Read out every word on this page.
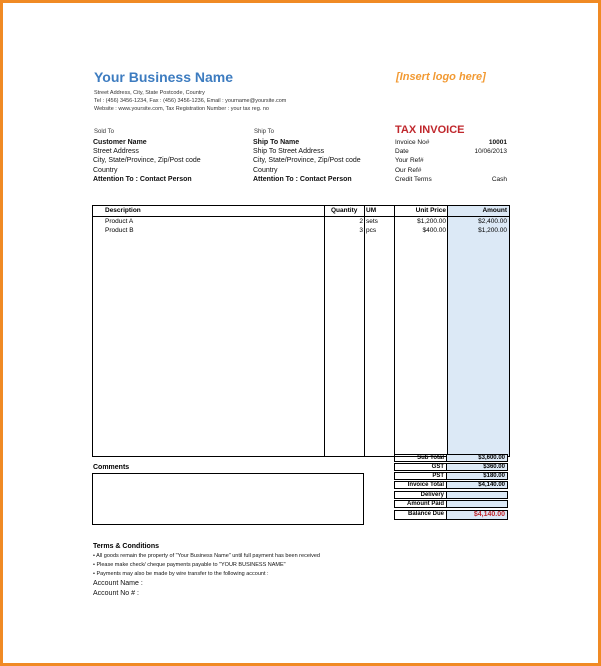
Your Business Name
Street Address, City, State Postcode, Country
Tel : (456) 3456-1234, Fax : (456) 3456-1236, Email : yourname@yoursite.com
Website : www.yoursite.com, Tax Registration Number : your tax reg. no
[Insert logo here]
Sold To
Customer Name
Street Address
City, State/Province, Zip/Post code
Country
Attention To : Contact Person
Ship To
Ship To Name
Ship To Street Address
City, State/Province, Zip/Post code
Country
Attention To : Contact Person
TAX INVOICE
Invoice No#	10001
Date	10/06/2013
Your Ref#
Our Ref#
Credit Terms	Cash
Description	Quantity UM	Unit Price	Amount
Product A	2 sets	$1,200.00	$2,400.00
Product B	3 pcs	$400.00	$1,200.00
Sub Total	$3,600.00
GST	$360.00
PST	$180.00
Invoice Total	$4,140.00
Delivery
Amount Paid
Balance Due	$4,140.00
Comments
Terms & Conditions
• All goods remain the property of "Your Business Name" until full payment has been received
• Please make check/ cheque payments payable to "YOUR BUSINESS NAME"
• Payments may also be made by wire transfer to the following account :
Account Name :
Account No # :
